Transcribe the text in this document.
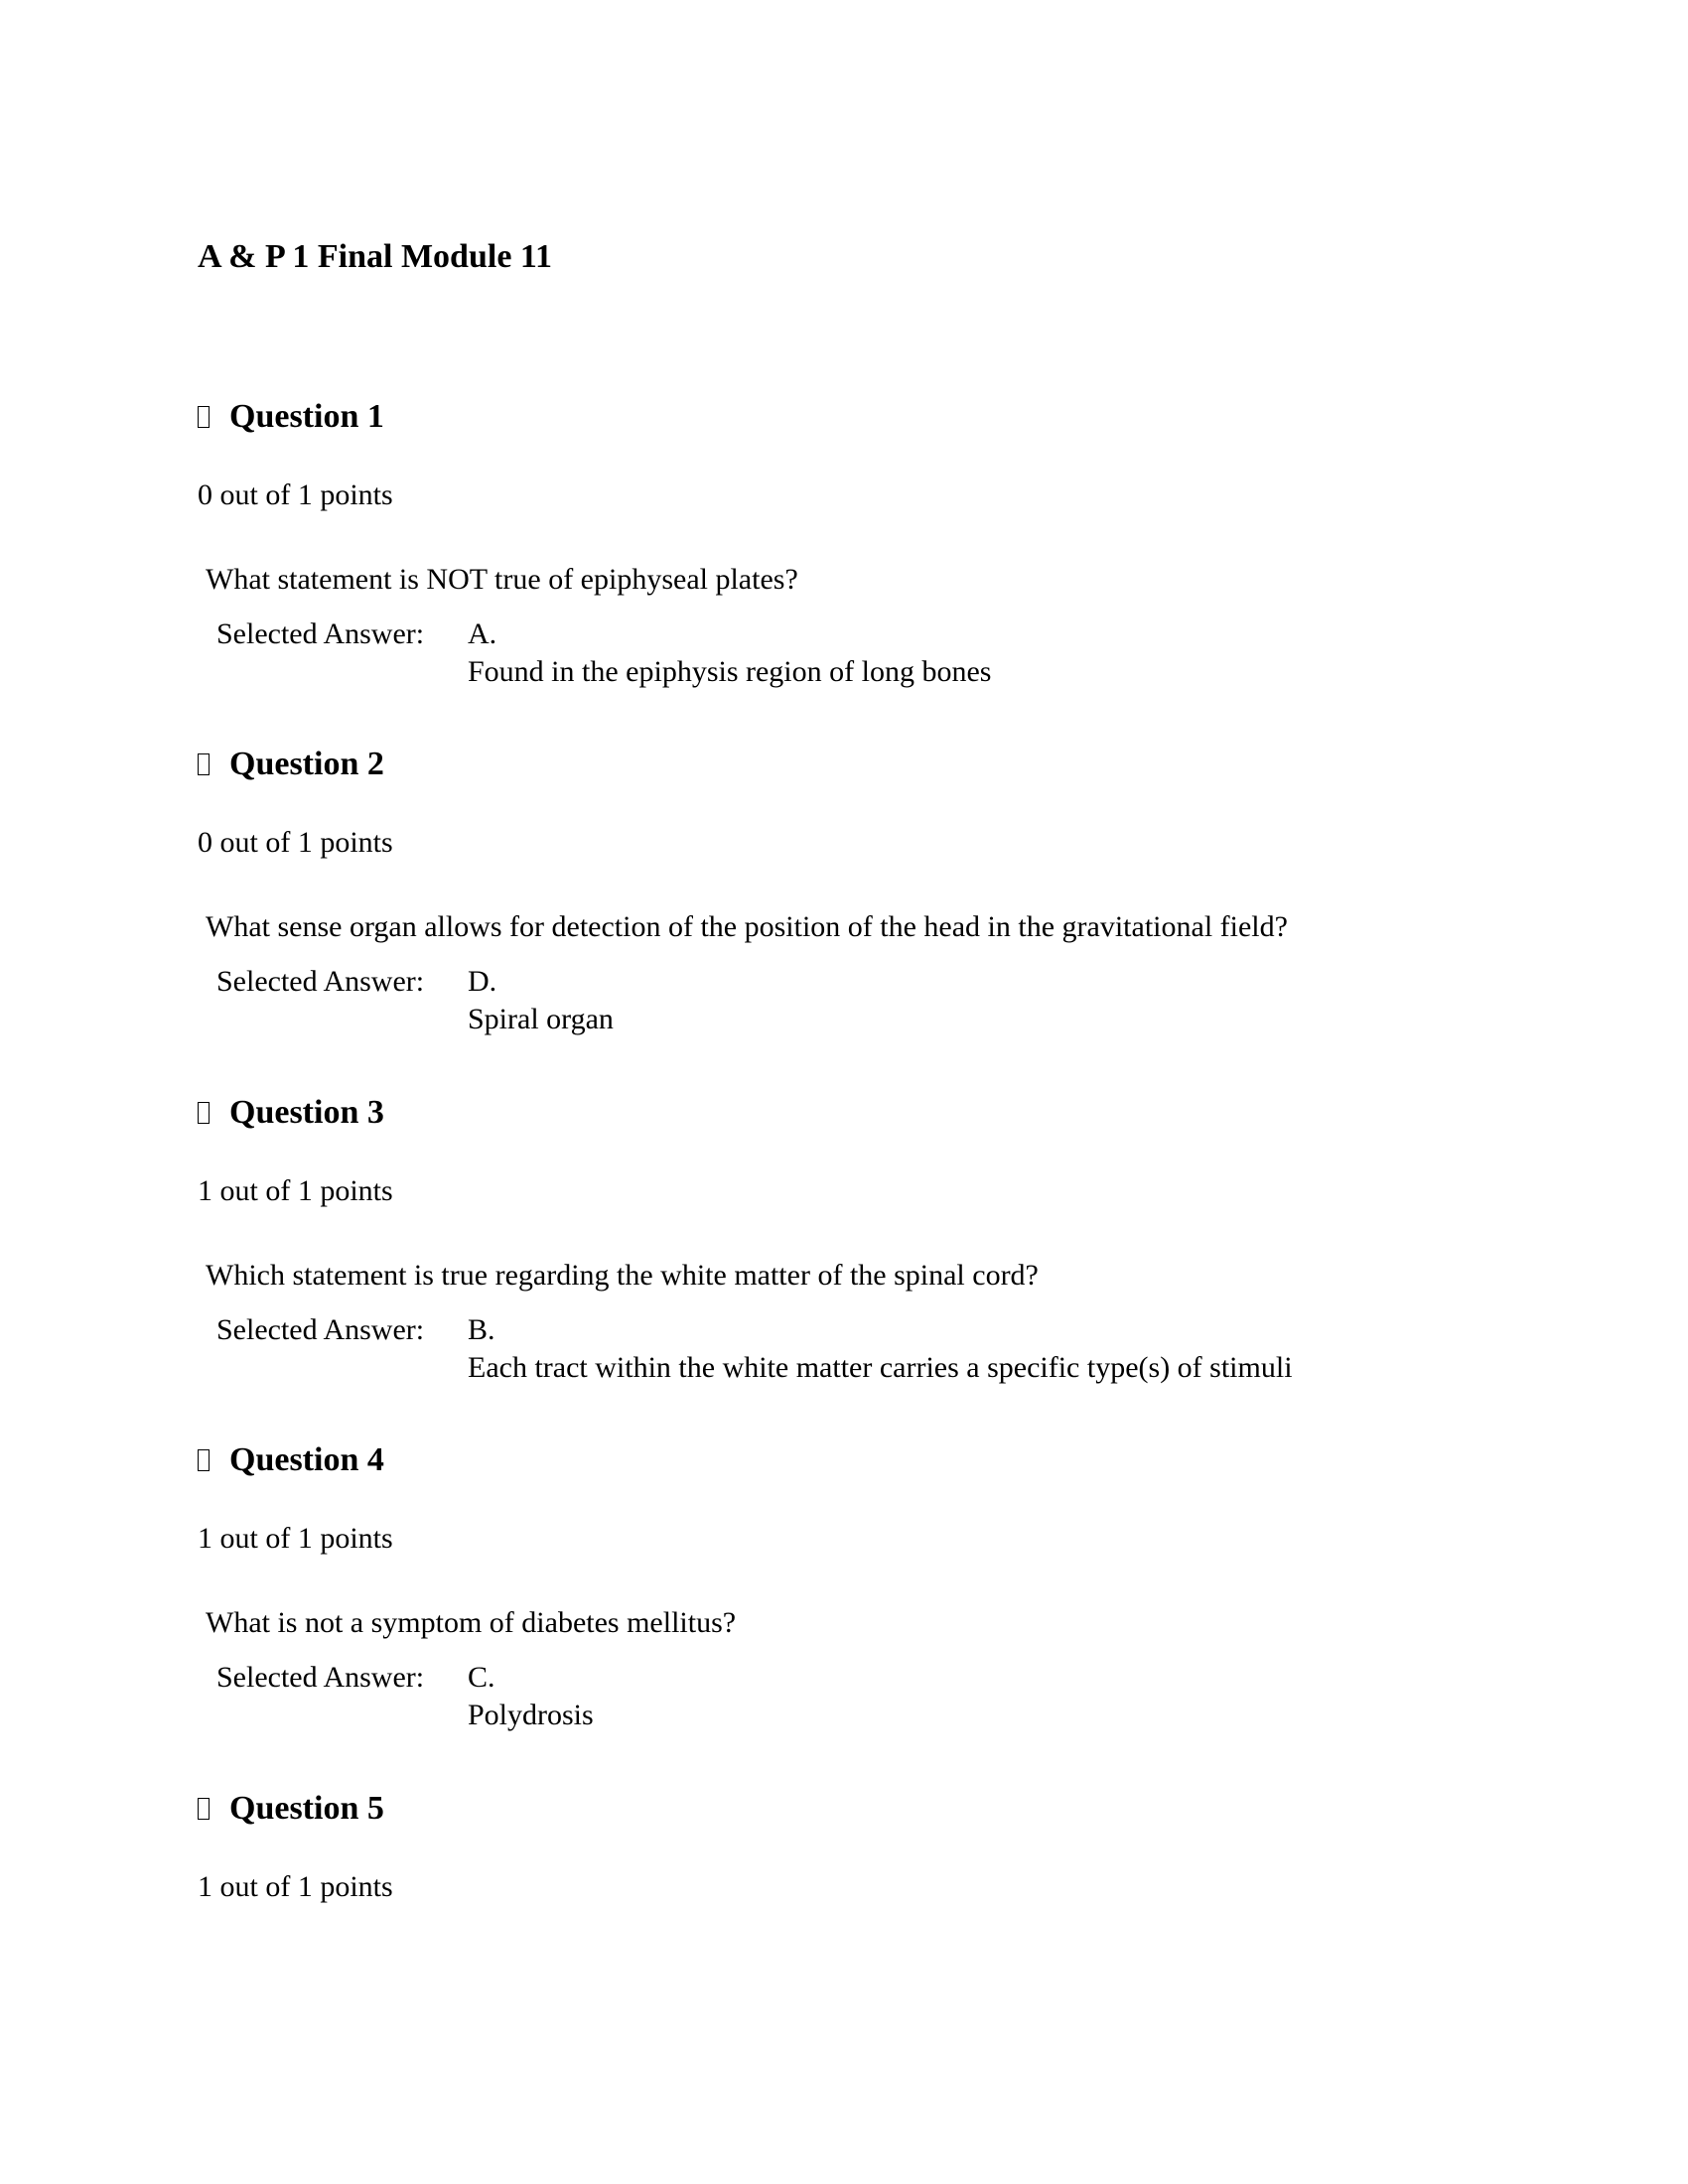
A & P 1 Final Module 11
Question 1
0 out of 1 points
What statement is NOT true of epiphyseal plates?
Selected Answer: A.
Found in the epiphysis region of long bones
Question 2
0 out of 1 points
What sense organ allows for detection of the position of the head in the gravitational field?
Selected Answer: D.
Spiral organ
Question 3
1 out of 1 points
Which statement is true regarding the white matter of the spinal cord?
Selected Answer: B.
Each tract within the white matter carries a specific type(s) of stimuli
Question 4
1 out of 1 points
What is not a symptom of diabetes mellitus?
Selected Answer: C.
Polydrosis
Question 5
1 out of 1 points
